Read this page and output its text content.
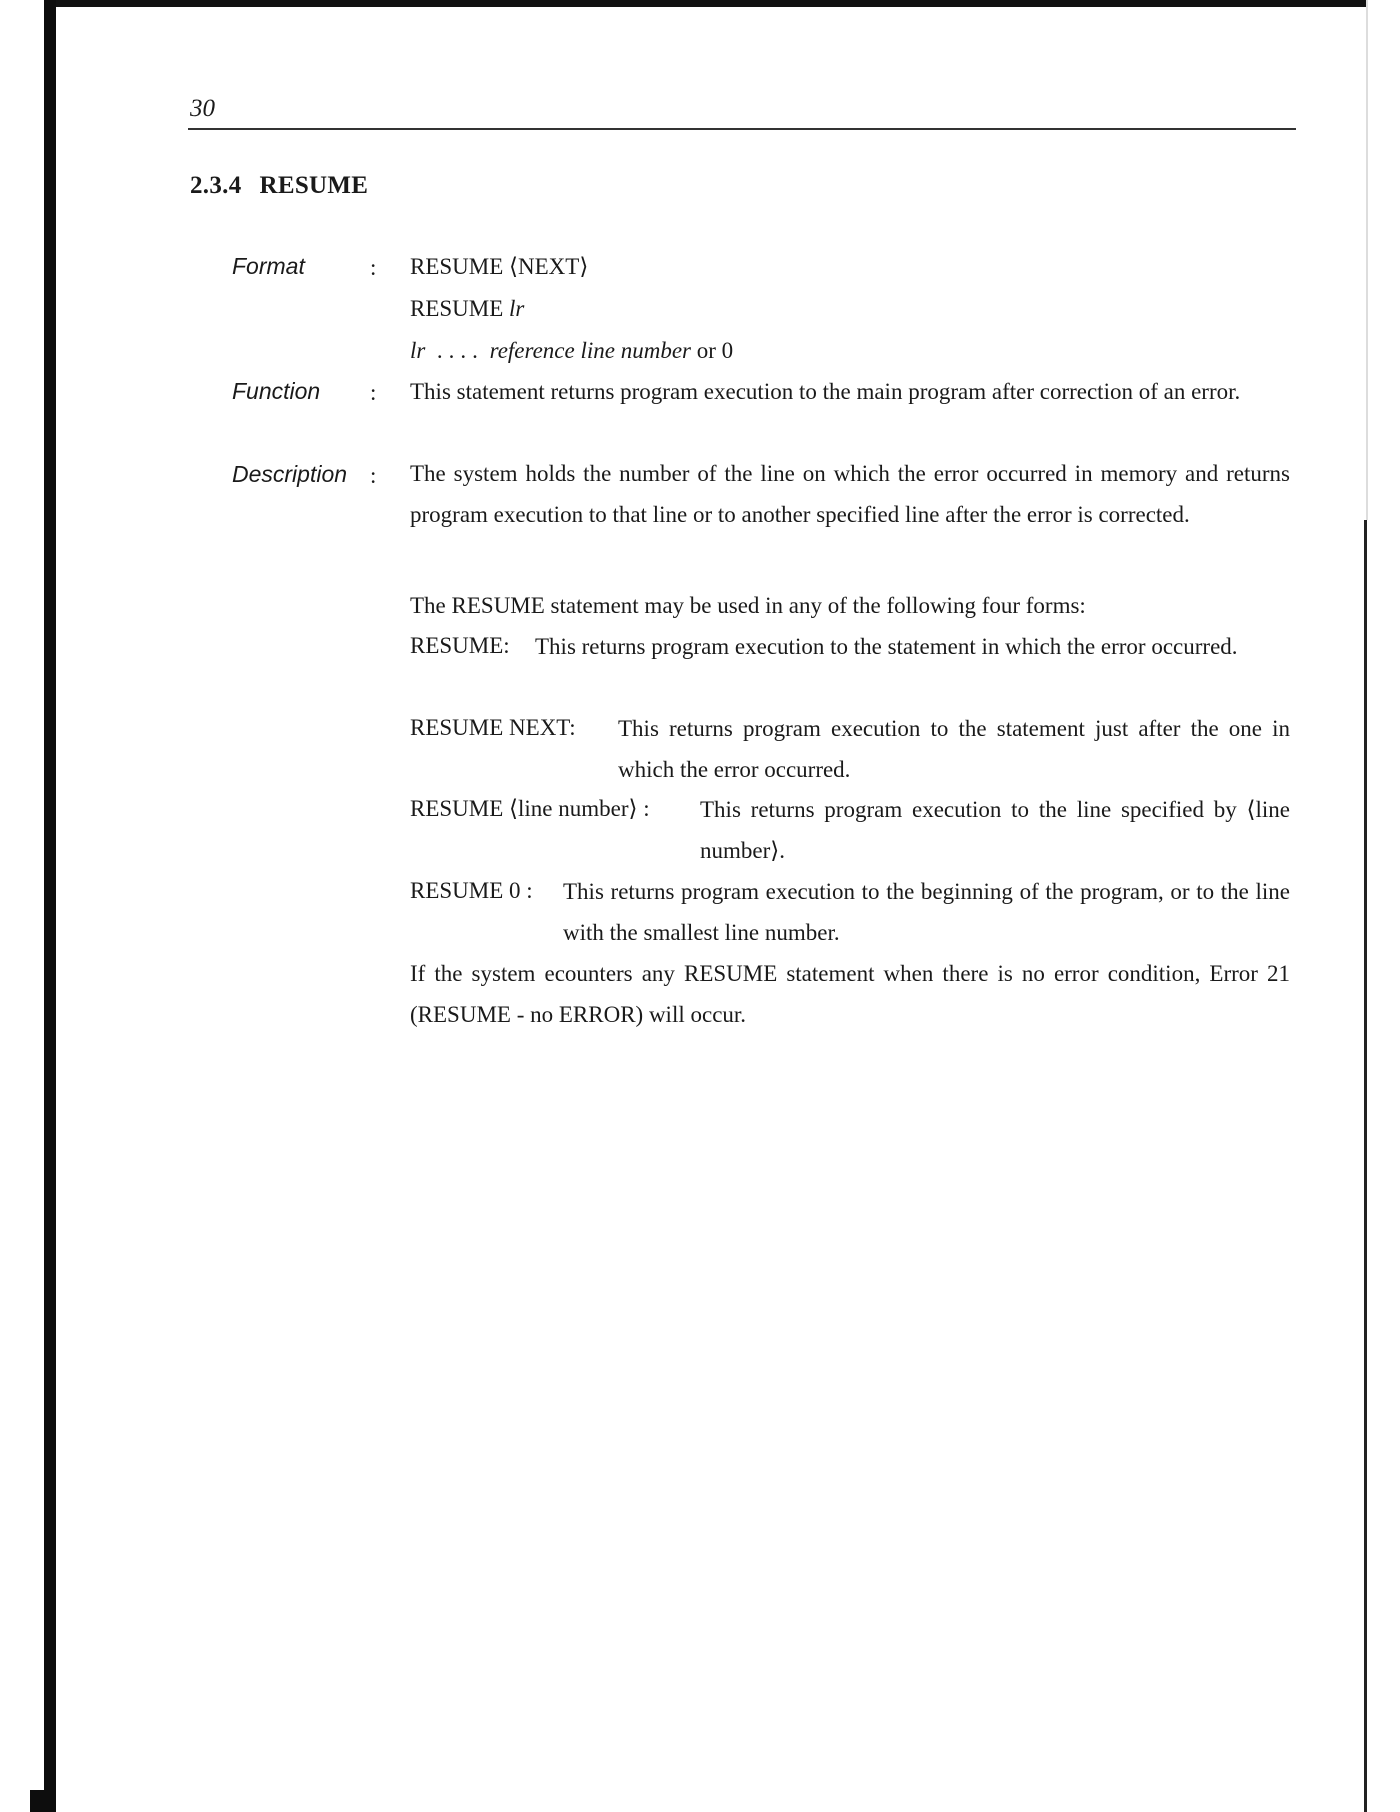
30
2.3.4 RESUME
Format	: RESUME ⟨NEXT⟩
RESUME lr
lr .... reference line number or 0
Function : This statement returns program execution to the main program after correction of an error.
Description : The system holds the number of the line on which the error occurred in memory and returns program execution to that line or to another specified line after the error is corrected.
The RESUME statement may be used in any of the following four forms:
RESUME: This returns program execution to the statement in which the error occurred.
RESUME NEXT: This returns program execution to the statement just after the one in which the error occurred.
RESUME ⟨line number⟩ : This returns program execution to the line specified by ⟨line number⟩.
RESUME 0 : This returns program execution to the beginning of the program, or to the line with the smallest line number.
If the system ecounters any RESUME statement when there is no error condition, Error 21 (RESUME - no ERROR) will occur.
